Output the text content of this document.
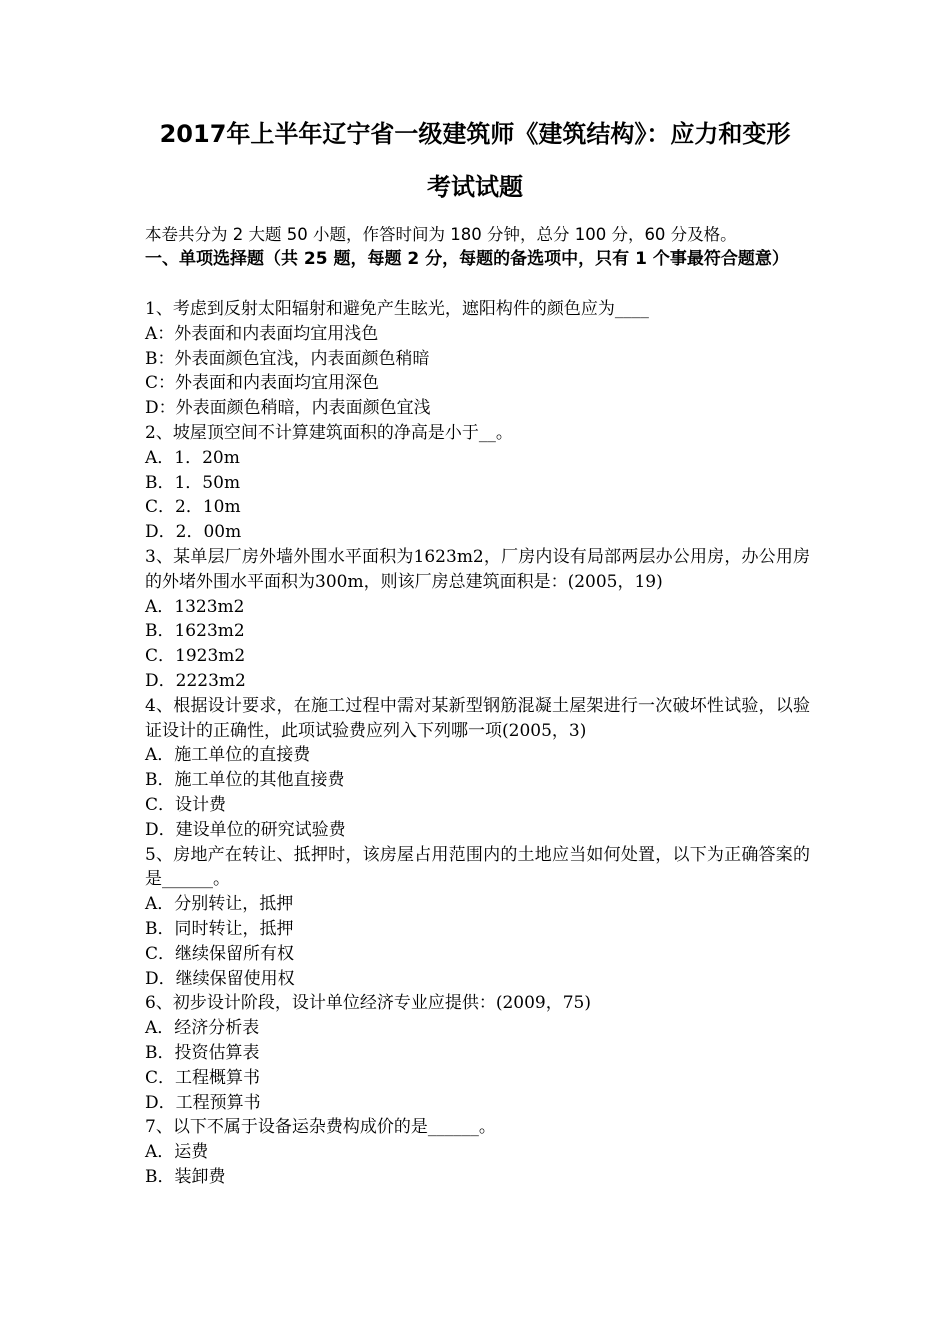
2017年上半年辽宁省一级建筑师《建筑结构》：应力和变形
考试试题
本卷共分为 2 大题 50 小题，作答时间为 180 分钟，总分 100 分，60 分及格。
一、单项选择题（共 25 题，每题 2 分，每题的备选项中，只有 1 个事最符合题意）

1、考虑到反射太阳辐射和避免产生眩光，遮阳构件的颜色应为____

A：外表面和内表面均宜用浅色

B：外表面颜色宜浅，内表面颜色稍暗

C：外表面和内表面均宜用深色

D：外表面颜色稍暗，内表面颜色宜浅

2、坡屋顶空间不计算建筑面积的净高是小于__。

A．1．20m

B．1．50m

C．2．10m

D．2．00m

3、某单层厂房外墙外围水平面积为1623m2，厂房内设有局部两层办公用房，办公用房的外堵外围水平面积为300m，则该厂房总建筑面积是：(2005，19)

A．1323m2

B．1623m2

C．1923m2

D．2223m2

4、根据设计要求，在施工过程中需对某新型钢筋混凝土屋架进行一次破坏性试验，以验证设计的正确性，此项试验费应列入下列哪一项(2005，3)

A．施工单位的直接费

B．施工单位的其他直接费

C．设计费

D．建设单位的研究试验费

5、房地产在转让、抵押时，该房屋占用范围内的土地应当如何处置，以下为正确答案的是______。

A．分别转让，抵押

B．同时转让，抵押

C．继续保留所有权

D．继续保留使用权

6、初步设计阶段，设计单位经济专业应提供：(2009，75)

A．经济分析表

B．投资估算表

C．工程概算书

D．工程预算书

7、以下不属于设备运杂费构成价的是______。

A．运费

B．装卸费
